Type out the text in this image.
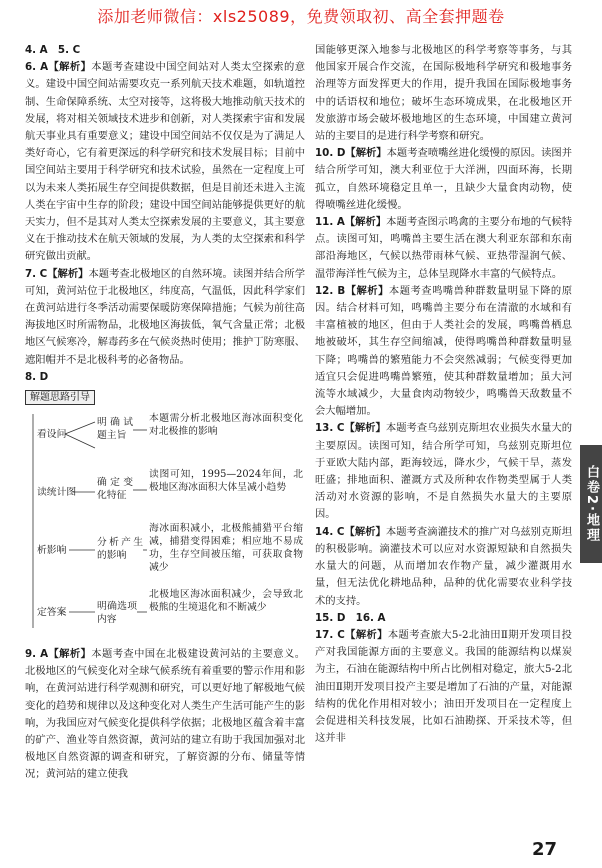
添加老师微信：xls25089，免费领取初、高全套押题卷

4. A　5. C

6. A【解析】本题考查建设中国空间站对人类太空探索的意义。建设中国空间站需要攻克一系列航天技术难题，如轨道控制、生命保障系统、太空对接等，这将极大地推动航天技术的发展，将对相关领域技术进步和创新，对人类探索宇宙和发展航天事业具有重要意义；建设中国空间站不仅仅是为了满足人类好奇心，它有着更深远的科学研究和技术发展目标；目前中国空间站主要用于科学研究和技术试验，虽然在一定程度上可以为未来人类拓展生存空间提供数据，但是目前还未进入主流人类在宇宙中生存的阶段；建设中国空间站能够提供更好的航天实力，但不是其对人类太空探索发展的主要意义，其主要意义在于推动技术在航天领域的发展，为人类的太空探索和科学研究做出贡献。

7. C【解析】本题考查北极地区的自然环境。读图并结合所学可知，黄河站位于北极地区，纬度高，气温低，因此科学家们在黄河站进行冬季活动需要保暖防寒保障措施；气候为前往高海拔地区时所需物品，北极地区海拔低，氧气含量正常；北极地区气候寒冷，解毒药多在气候炎热时使用；推护丁防寒服、遮阳帽并不是北极科考的必备物品。

8. D

解题思路引导
看设问
读统计图
析影响
定答案
明确试题主旨
确定变化特征
分析产生的影响
明确选项内容
本题需分析北极地区海冰面积变化对北极推的影响
读图可知，1995—2024年间，北极地区海冰面积大体呈减小趋势
海冰面积减小，北极熊捕猎平台缩减，捕猎变得困难；相应地不易成功，生存空间被压缩，可获取食物减少
北极地区海冰面积减少，会导致北极熊的生境退化和不断减少

9. A【解析】本题考查中国在北极建设黄河站的主要意义。北极地区的气候变化对全球气候系统有着重要的警示作用和影响，在黄河站进行科学观测和研究，可以更好地了解极地气候变化的趋势和规律以及这种变化对人类生产生活可能产生的影响，为我国应对气候变化提供科学依据；北极地区蕴含着丰富的矿产、渔业等自然资源，黄河站的建立有助于我国加强对北极地区自然资源的调查和研究，了解资源的分布、储量等情况；黄河站的建立使我

国能够更深入地参与北极地区的科学考察等事务，与其他国家开展合作交流，在国际极地科学研究和极地事务治理等方面发挥更大的作用，提升我国在国际极地事务中的话语权和地位；破坏生态环境成果，在北极地区开发旅游市场会破坏极地地区的生态环境，中国建立黄河站的主要目的是进行科学考察和研究。

10. D【解析】本题考查喷嘴丝进化缓慢的原因。读图并结合所学可知，澳大利亚位于大洋洲，四面环海，长期孤立，自然环境稳定且单一，且缺少大量食肉动物，使得喷嘴丝进化缓慢。

11. A【解析】本题考查图示鸣禽的主要分布地的气候特点。读图可知，鸣嘴兽主要生活在澳大利亚东部和东南部沿海地区，气候以热带雨林气候、亚热带湿润气候、温带海洋性气候为主，总体呈现降水丰富的气候特点。

12. B【解析】本题考查鸣嘴兽种群数量明显下降的原因。结合材料可知，鸣嘴兽主要分布在清澈的水域和有丰富植被的地区，但由于人类社会的发展，鸣嘴兽栖息地被破坏，其生存空间缩减，使得鸣嘴兽种群数量明显下降；鸣嘴兽的繁殖能力不会突然减弱；气候变得更加适宜只会促进鸣嘴兽繁殖，使其种群数量增加；虽大河流等水域减少，大量食肉动物较少，鸣嘴兽天敌数量不会大幅增加。

13. C【解析】本题考查乌兹别克斯坦农业损失水量大的主要原因。读图可知，结合所学可知，乌兹别克斯坦位于亚欧大陆内部，距海较远，降水少，气候干旱，蒸发旺盛；排地面积、灌溉方式及所种农作物类型属于人类活动对水资源的影响，不是自然损失水量大的主要原因。

14. C【解析】本题考查滴灌技术的推广对乌兹别克斯坦的积极影响。滴灌技术可以应对水资源短缺和自然损失水量大的问题，从而增加农作物产量，减少灌溉用水量，但无法优化耕地品种，品种的优化需要农业科学技术的支持。

15. D　16. A

17. C【解析】本题考查旅大5-2北油田Ⅱ期开发项目投产对我国能源方面的主要意义。我国的能源结构以煤炭为主，石油在能源结构中所占比例相对稳定，旅大5-2北油田Ⅱ期开发项目投产主要是增加了石油的产量，对能源结构的优化作用相对较小；油田开发项目在一定程度上会促进相关科技发展，比如石油勘探、开采技术等，但这并非

白卷2·地理
27
